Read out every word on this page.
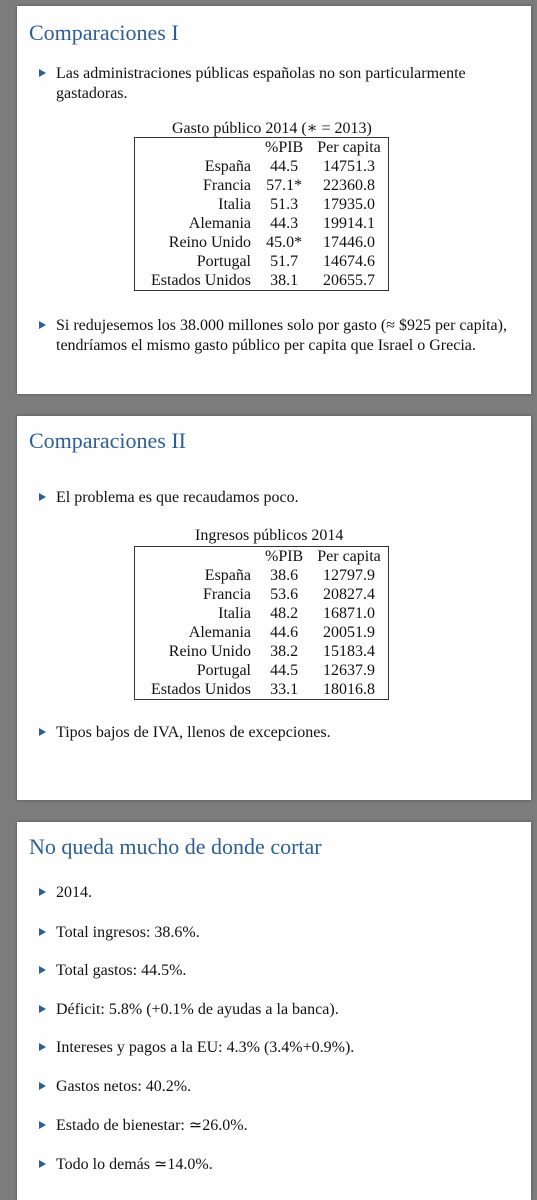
Comparaciones I
Las administraciones públicas españolas no son particularmente gastadoras.
Gasto público 2014 (∗ = 2013)
	%PIB	Per capita
España	44.5	14751.3
Francia	57.1*	22360.8
Italia	51.3	17935.0
Alemania	44.3	19914.1
Reino Unido	45.0*	17446.0
Portugal	51.7	14674.6
Estados Unidos	38.1	20655.7
Si redujesemos los 38.000 millones solo por gasto (≈ $925 per capita), tendríamos el mismo gasto público per capita que Israel o Grecia.
Comparaciones II
El problema es que recaudamos poco.
Ingresos públicos 2014
	%PIB	Per capita
España	38.6	12797.9
Francia	53.6	20827.4
Italia	48.2	16871.0
Alemania	44.6	20051.9
Reino Unido	38.2	15183.4
Portugal	44.5	12637.9
Estados Unidos	33.1	18016.8
Tipos bajos de IVA, llenos de excepciones.
No queda mucho de donde cortar
2014.
Total ingresos: 38.6%.
Total gastos: 44.5%.
Déficit: 5.8% (+0.1% de ayudas a la banca).
Intereses y pagos a la EU: 4.3% (3.4%+0.9%).
Gastos netos: 40.2%.
Estado de bienestar: ≃26.0%.
Todo lo demás ≃14.0%.
